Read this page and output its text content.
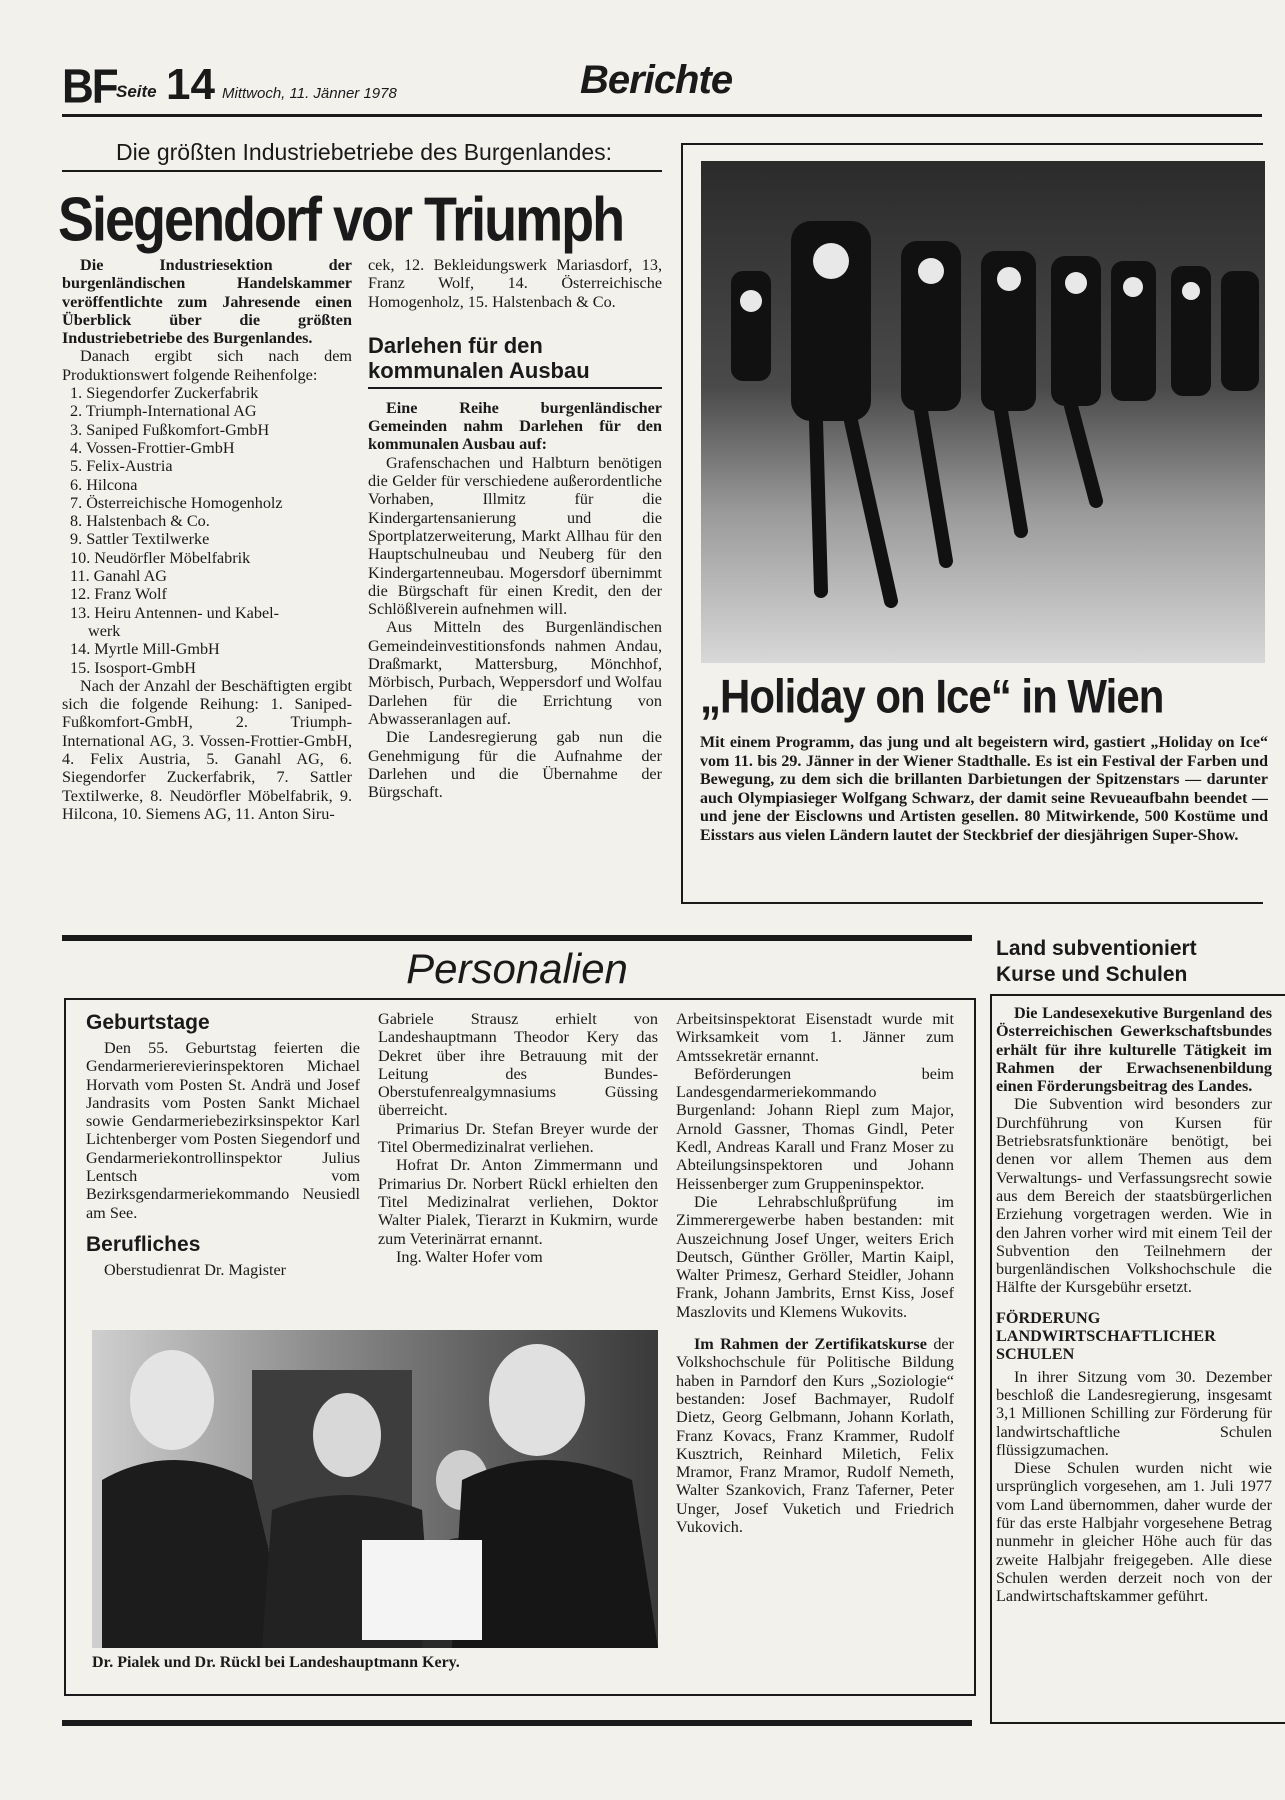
BF Seite 14 Mittwoch, 11. Jänner 1978	Berichte
Die größten Industriebetriebe des Burgenlandes:
Siegendorf vor Triumph

Die	Industriesektion der burgenländischen Handelskammer veröffentlichte zum Jahresende einen Überblick über die größten Industriebetriebe des Burgenlandes.

Danach ergibt sich nach dem Produktionswert folgende Reihenfolge:

1. Siegendorfer Zuckerfabrik
2. Triumph-International AG
3. Saniped Fußkomfort-GmbH
4. Vossen-Frottier-GmbH
5. Felix-Austria
6. Hilcona
7. Österreichische Homogenholz
8. Halstenbach & Co.
9. Sattler Textilwerke
10. Neudörfler Möbelfabrik
11. Ganahl AG
12. Franz Wolf
13. Heiru Antennen- und Kabel-
werk
14. Myrtle Mill-GmbH
15. Isosport-GmbH

Nach der Anzahl der Beschäftigten ergibt sich die folgende Reihung: 1. Saniped-Fußkomfort-GmbH, 2. Triumph-International AG, 3. Vossen-Frottier-GmbH, 4. Felix Austria, 5. Ganahl AG, 6. Siegendorfer Zuckerfabrik, 7. Sattler Textilwerke, 8. Neudörfler Möbelfabrik, 9. Hilcona, 10. Siemens AG, 11. Anton Siru-

cek, 12. Bekleidungswerk Mariasdorf, 13, Franz Wolf, 14. Österreichische Homogenholz, 15. Halstenbach & Co.

Darlehen für den kommunalen Ausbau

Eine Reihe burgenländischer Gemeinden nahm Darlehen für den kommunalen Ausbau auf:

Grafenschachen und Halbturn benötigen die Gelder für verschiedene außerordentliche Vorhaben, Illmitz für die Kindergartensanierung und die Sportplatzerweiterung, Markt Allhau für den Hauptschulneubau und Neuberg für den Kindergartenneubau. Mogersdorf übernimmt die Bürgschaft für einen Kredit, den der Schlößlverein aufnehmen will.

Aus Mitteln des Burgenländischen Gemeindeinvestitionsfonds nahmen Andau, Draßmarkt, Mattersburg, Mönchhof, Mörbisch, Purbach, Weppersdorf und Wolfau Darlehen für die Errichtung von Abwasseranlagen auf.

Die Landesregierung gab nun die Genehmigung für die Aufnahme der Darlehen und die Übernahme der Bürgschaft.

„Holiday on Ice“ in Wien
Mit einem Programm, das jung und alt begeistern wird, gastiert „Holiday on Ice“ vom 11. bis 29. Jänner in der Wiener Stadthalle. Es ist ein Festival der Farben und Bewegung, zu dem sich die brillanten Darbietungen der Spitzenstars — darunter auch Olympiasieger Wolfgang Schwarz, der damit seine Revueaufbahn beendet — und jene der Eisclowns und Artisten gesellen. 80 Mitwirkende, 500 Kostüme und Eisstars aus vielen Ländern lautet der Steckbrief der diesjährigen Super-Show.
Personalien
Geburtstage

Den 55. Geburtstag feierten die Gendarmerierevierinspektoren Michael Horvath vom Posten St. Andrä und Josef Jandrasits vom Posten Sankt Michael sowie Gendarmeriebezirksinspektor Karl Lichtenberger vom Posten Siegendorf und Gendarmeriekontrollinspektor Julius Lentsch vom Bezirksgendarmeriekommando Neusiedl am See.

Berufliches

Oberstudienrat Dr. Magister

Gabriele Strausz erhielt von Landeshauptmann Theodor Kery das Dekret über ihre Betrauung mit der Leitung des Bundes-Oberstufenrealgymnasiums Güssing überreicht.

Primarius Dr. Stefan Breyer wurde der Titel Obermedizinalrat verliehen.

Hofrat Dr. Anton Zimmermann und Primarius Dr. Norbert Rückl erhielten den Titel Medizinalrat verliehen, Doktor Walter Pialek, Tierarzt in Kukmirn, wurde zum Veterinärrat ernannt.

Ing. Walter Hofer vom

Arbeitsinspektorat Eisenstadt wurde mit Wirksamkeit vom 1. Jänner zum Amtssekretär ernannt.

Beförderungen beim Landesgendarmeriekommando Burgenland: Johann Riepl zum Major, Arnold Gassner, Thomas Gindl, Peter Kedl, Andreas Karall und Franz Moser zu Abteilungsinspektoren und Johann Heissenberger zum Gruppeninspektor.

Die Lehrabschlußprüfung im Zimmerergewerbe haben bestanden: mit Auszeichnung Josef Unger, weiters Erich Deutsch, Günther Gröller, Martin Kaipl, Walter Primesz, Gerhard Steidler, Johann Frank, Johann Jambrits, Ernst Kiss, Josef Maszlovits und Klemens Wukovits.

Im Rahmen der Zertifikatskurse der Volkshochschule für Politische Bildung haben in Parndorf den Kurs „Soziologie“ bestanden: Josef Bachmayer, Rudolf Dietz, Georg Gelbmann, Johann Korlath, Franz Kovacs, Franz Krammer, Rudolf Kusztrich, Reinhard Miletich, Felix Mramor, Franz Mramor, Rudolf Nemeth, Walter Szankovich, Franz Taferner, Peter Unger, Josef Vuketich und Friedrich Vukovich.

Dr. Pialek und Dr. Rückl bei Landeshauptmann Kery.
Land subventioniert Kurse und Schulen

Die Landesexekutive Burgenland des Österreichischen Gewerkschaftsbundes erhält für ihre kulturelle Tätigkeit im Rahmen der Erwachsenenbildung einen Förderungsbeitrag des Landes.

Die Subvention wird besonders zur Durchführung von Kursen für Betriebsratsfunktionäre benötigt, bei denen vor allem Themen aus dem Verwaltungs- und Verfassungsrecht sowie aus dem Bereich der staatsbürgerlichen Erziehung vorgetragen werden. Wie in den Jahren vorher wird mit einem Teil der Subvention den Teilnehmern der burgenländischen Volkshochschule die Hälfte der Kursgebühr ersetzt.

FÖRDERUNG LANDWIRTSCHAFTLICHER SCHULEN

In ihrer Sitzung vom 30. Dezember beschloß die Landesregierung, insgesamt 3,1 Millionen Schilling zur Förderung für landwirtschaftliche Schulen flüssigzumachen.

Diese Schulen wurden nicht wie ursprünglich vorgesehen, am 1. Juli 1977 vom Land übernommen, daher wurde der für das erste Halbjahr vorgesehene Betrag nunmehr in gleicher Höhe auch für das zweite Halbjahr freigegeben. Alle diese Schulen werden derzeit noch von der Landwirtschaftskammer geführt.
